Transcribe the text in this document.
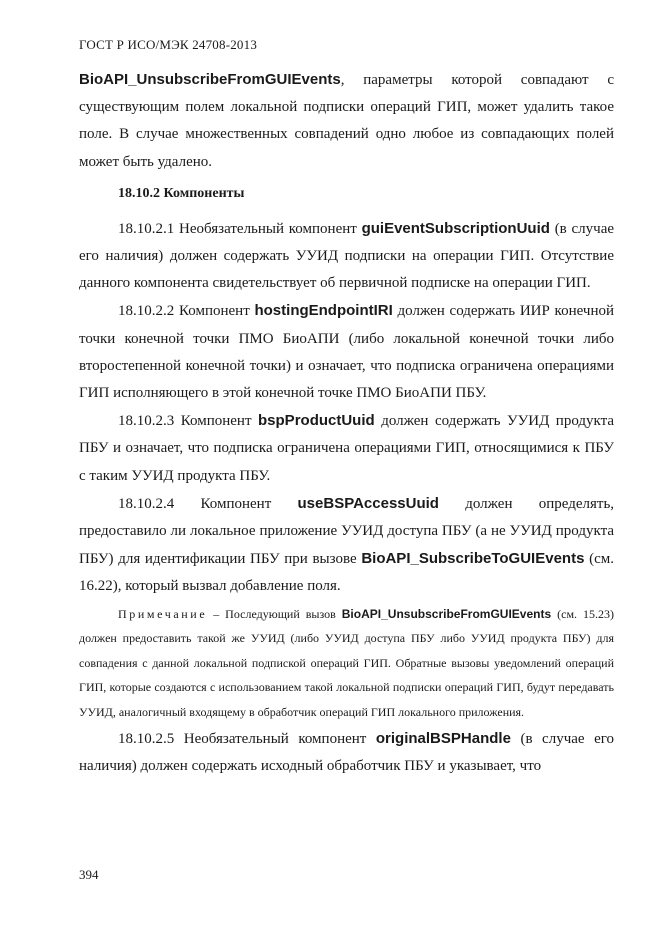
ГОСТ Р ИСО/МЭК 24708-2013

BioAPI_UnsubscribeFromGUIEvents, параметры которой совпадают с существующим полем локальной подписки операций ГИП, может удалить такое поле. В случае множественных совпадений одно любое из совпадающих полей может быть удалено.

18.10.2 Компоненты

18.10.2.1 Необязательный компонент guiEventSubscriptionUuid (в случае его наличия) должен содержать УУИД подписки на операции ГИП. Отсутствие данного компонента свидетельствует об первичной подписке на операции ГИП.

18.10.2.2 Компонент hostingEndpointIRI должен содержать ИИР конечной точки конечной точки ПМО БиоАПИ (либо локальной конечной точки либо второстепенной конечной точки) и означает, что подписка ограничена операциями ГИП исполняющего в этой конечной точке ПМО БиоАПИ ПБУ.

18.10.2.3 Компонент bspProductUuid должен содержать УУИД продукта ПБУ и означает, что подписка ограничена операциями ГИП, относящимися к ПБУ с таким УУИД продукта ПБУ.

18.10.2.4 Компонент useBSPAccessUuid должен определять, предоставило ли локальное приложение УУИД доступа ПБУ (а не УУИД продукта ПБУ) для идентификации ПБУ при вызове BioAPI_SubscribeToGUIEvents (см. 16.22), который вызвал добавление поля.

Примечание – Последующий вызов BioAPI_UnsubscribeFromGUIEvents (см. 15.23) должен предоставить такой же УУИД (либо УУИД доступа ПБУ либо УУИД продукта ПБУ) для совпадения с данной локальной подпиской операций ГИП. Обратные вызовы уведомлений операций ГИП, которые создаются с использованием такой локальной подписки операций ГИП, будут передавать УУИД, аналогичный входящему в обработчик операций ГИП локального приложения.

18.10.2.5 Необязательный компонент originalBSPHandle (в случае его наличия) должен содержать исходный обработчик ПБУ и указывает, что

394
